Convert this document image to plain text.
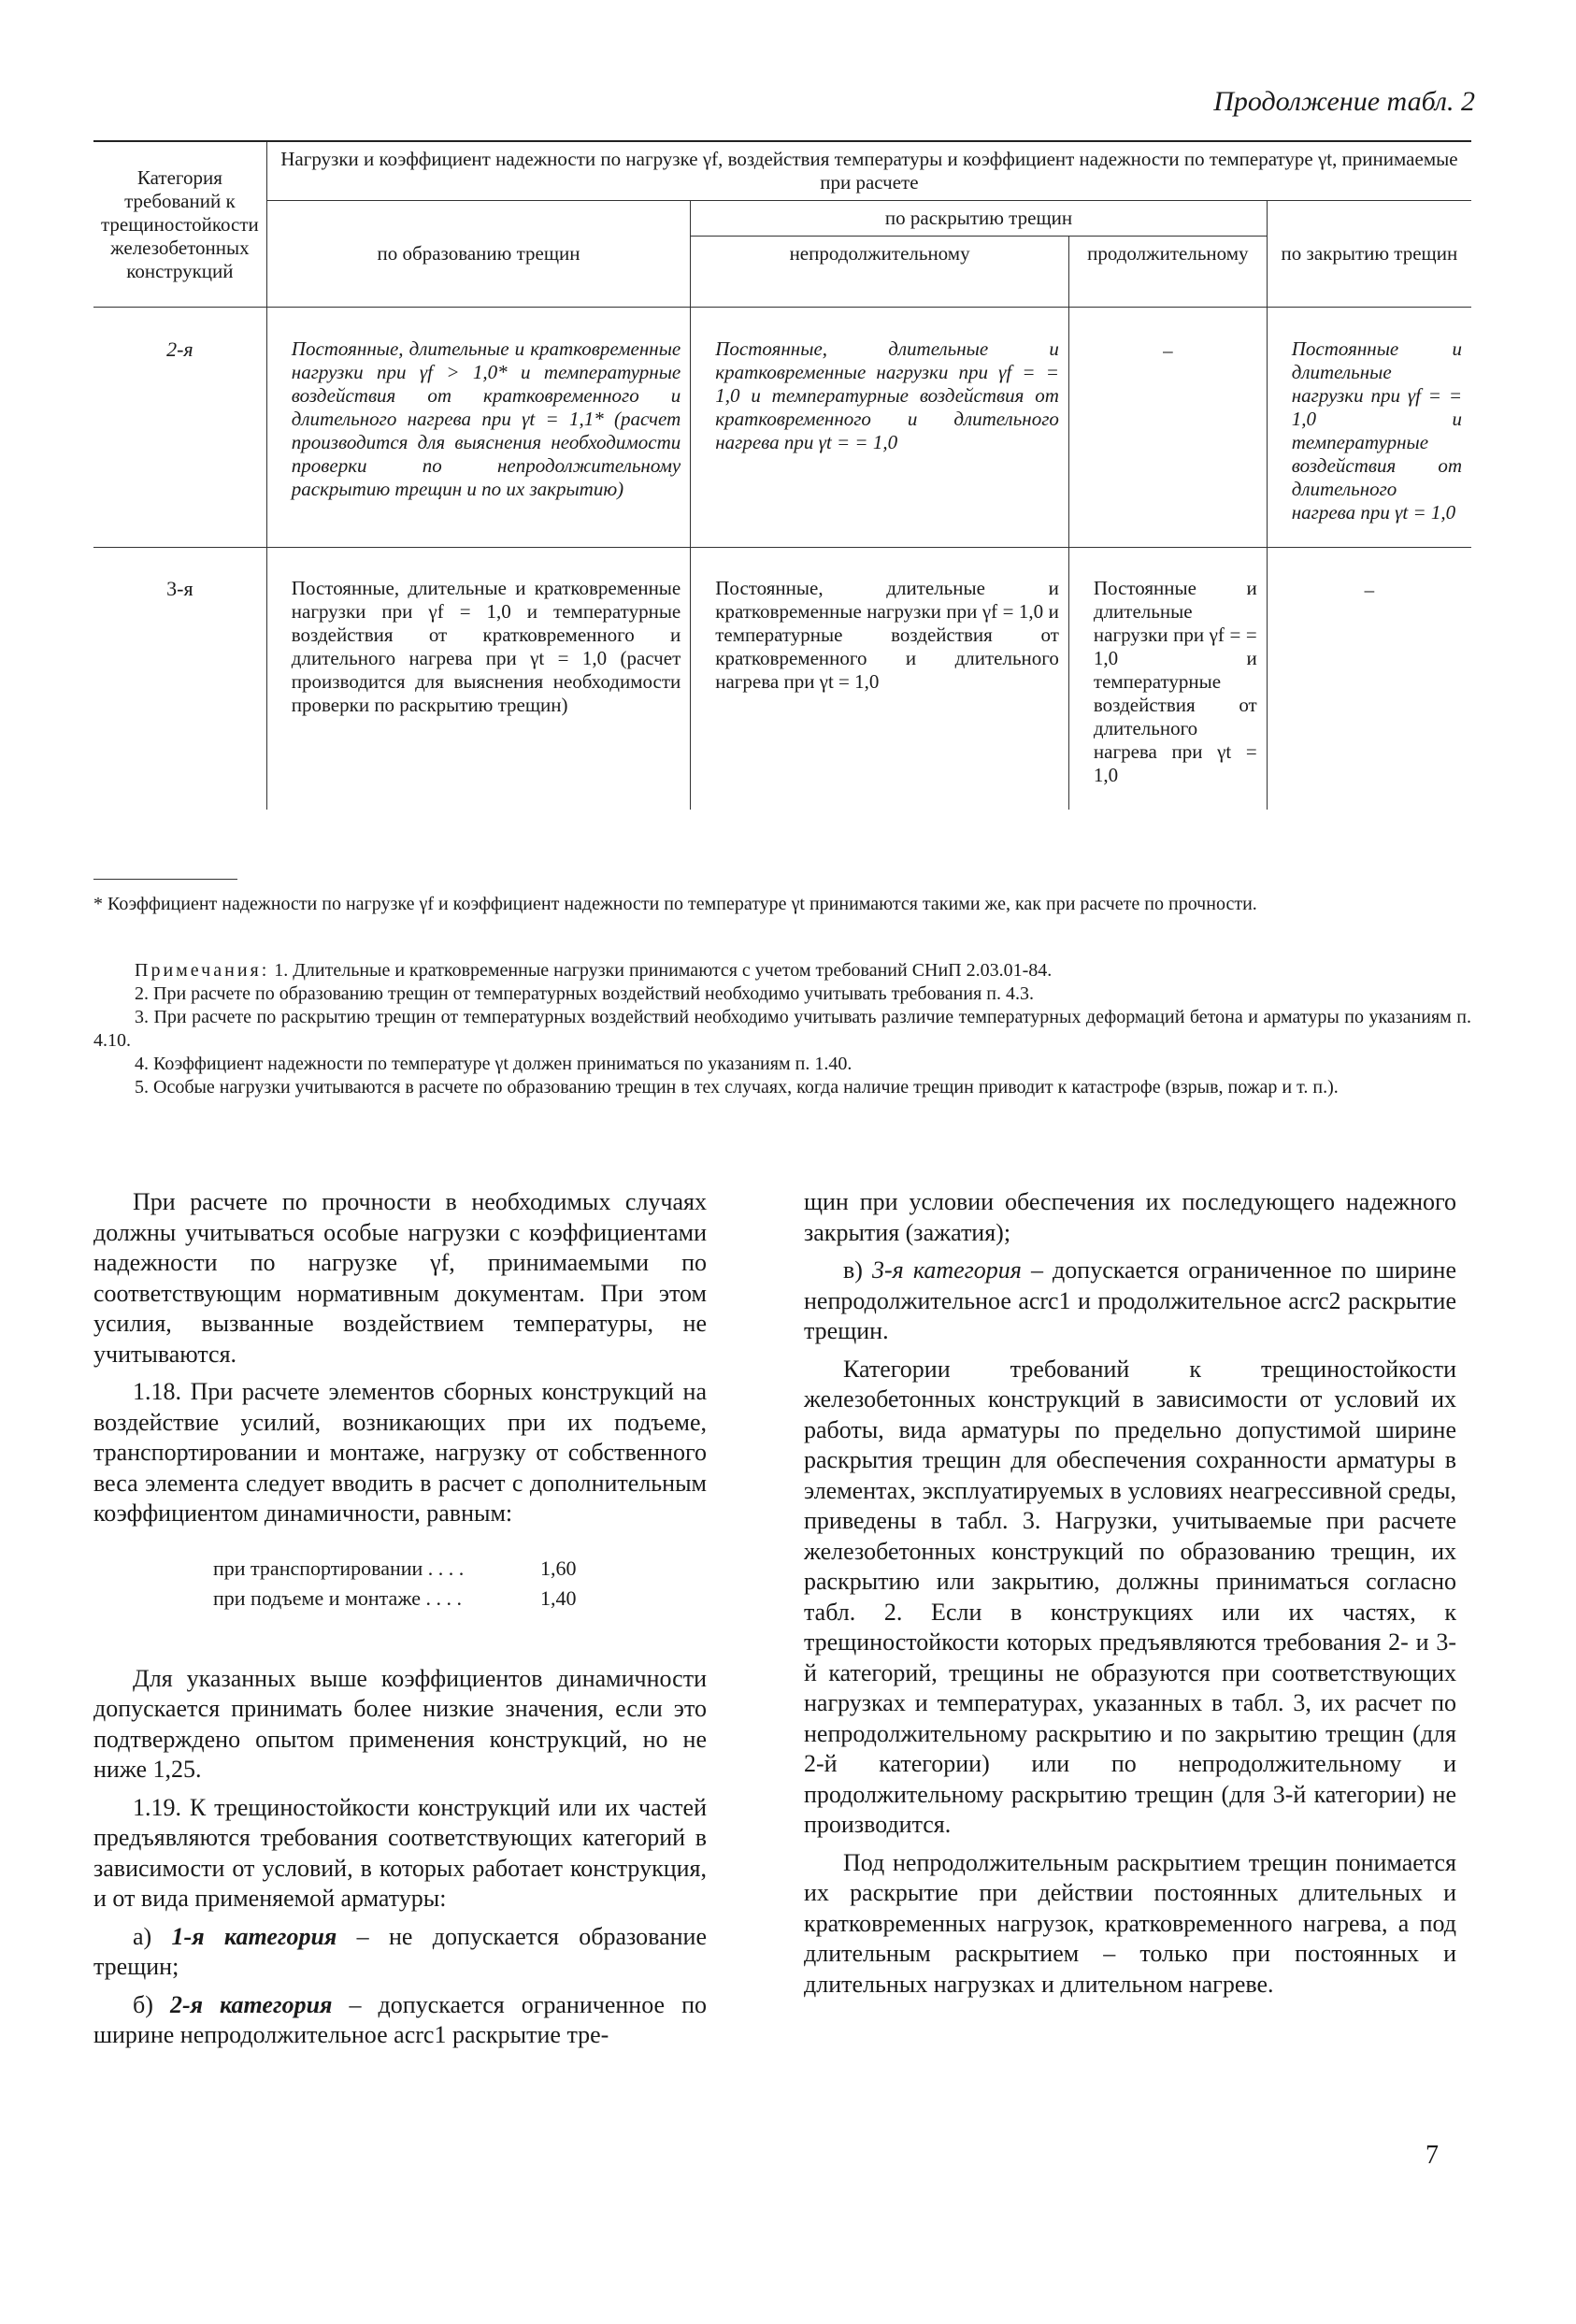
Продолжение табл. 2
Категория требований к трещиностойкости железобетонных конструкций	Нагрузки и коэффициент надежности по нагрузке γf, воздействия температуры и коэффициент надежности по температуре γt, принимаемые при расчете			
	по образованию трещин	по раскрытию трещин		по закрытию трещин
		непродолжительному	продолжительному	

2-я	Постоянные, длительные и кратковременные нагрузки при γf > 1,0* и температурные воздействия от кратковременного и длительного нагрева при γt = 1,1* (расчет производится для выяснения необходимости проверки по непродолжительному раскрытию трещин и по их закрытию)	Постоянные, длительные и кратковременные нагрузки при γf = = 1,0 и температурные воздействия от кратковременного и длительного нагрева при γt = = 1,0	–	Постоянные и длительные нагрузки при γf = = 1,0 и температурные воздействия от длительного нагрева при γt = 1,0

3-я	Постоянные, длительные и кратковременные нагрузки при γf = 1,0 и температурные воздействия от кратковременного и длительного нагрева при γt = 1,0 (расчет производится для выяснения необходимости проверки по раскрытию трещин)	Постоянные, длительные и кратковременные нагрузки при γf = 1,0 и температурные воздействия от кратковременного и длительного нагрева при γt = 1,0	Постоянные и длительные нагрузки при γf = = 1,0 и температурные воздействия от длительного нагрева при γt = 1,0	–

* Коэффициент надежности по нагрузке γf и коэффициент надежности по температуре γt принимаются такими же, как при расчете по прочности.

Примечания: 1. Длительные и кратковременные нагрузки принимаются с учетом требований СНиП 2.03.01-84.

2. При расчете по образованию трещин от температурных воздействий необходимо учитывать требования п. 4.3.

3. При расчете по раскрытию трещин от температурных воздействий необходимо учитывать различие температурных деформаций бетона и арматуры по указаниям п. 4.10.

4. Коэффициент надежности по температуре γt должен приниматься по указаниям п. 1.40.

5. Особые нагрузки учитываются в расчете по образованию трещин в тех случаях, когда наличие трещин приводит к катастрофе (взрыв, пожар и т. п.).

При расчете по прочности в необходимых случаях должны учитываться особые нагрузки с коэффициентами надежности по нагрузке γf, принимаемыми по соответствующим нормативным документам. При этом усилия, вызванные воздействием температуры, не учитываются.

1.18. При расчете элементов сборных конструкций на воздействие усилий, возникающих при их подъеме, транспортировании и монтаже, нагрузку от собственного веса элемента следует вводить в расчет с дополнительным коэффициентом динамичности, равным:

при транспортировании . . . .	1,60
при подъеме и монтаже . . . .	1,40

Для указанных выше коэффициентов динамичности допускается принимать более низкие значения, если это подтверждено опытом применения конструкций, но не ниже 1,25.

1.19. К трещиностойкости конструкций или их частей предъявляются требования соответствующих категорий в зависимости от условий, в которых работает конструкция, и от вида применяемой арматуры:

а) 1-я категория – не допускается образование трещин;

б) 2-я категория – допускается ограниченное по ширине непродолжительное acrc1 раскрытие тре-

щин при условии обеспечения их последующего надежного закрытия (зажатия);

в) 3-я категория – допускается ограниченное по ширине непродолжительное acrc1 и продолжительное acrc2 раскрытие трещин.

Категории требований к трещиностойкости железобетонных конструкций в зависимости от условий их работы, вида арматуры по предельно допустимой ширине раскрытия трещин для обеспечения сохранности арматуры в элементах, эксплуатируемых в условиях неагрессивной среды, приведены в табл. 3. Нагрузки, учитываемые при расчете железобетонных конструкций по образованию трещин, их раскрытию или закрытию, должны приниматься согласно табл. 2. Если в конструкциях или их частях, к трещиностойкости которых предъявляются требования 2- и 3-й категорий, трещины не образуются при соответствующих нагрузках и температурах, указанных в табл. 3, их расчет по непродолжительному раскрытию и по закрытию трещин (для 2-й категории) или по непродолжительному и продолжительному раскрытию трещин (для 3-й категории) не производится.

Под непродолжительным раскрытием трещин понимается их раскрытие при действии постоянных длительных и кратковременных нагрузок, кратковременного нагрева, а под длительным раскрытием – только при постоянных и длительных нагрузках и длительном нагреве.

7
